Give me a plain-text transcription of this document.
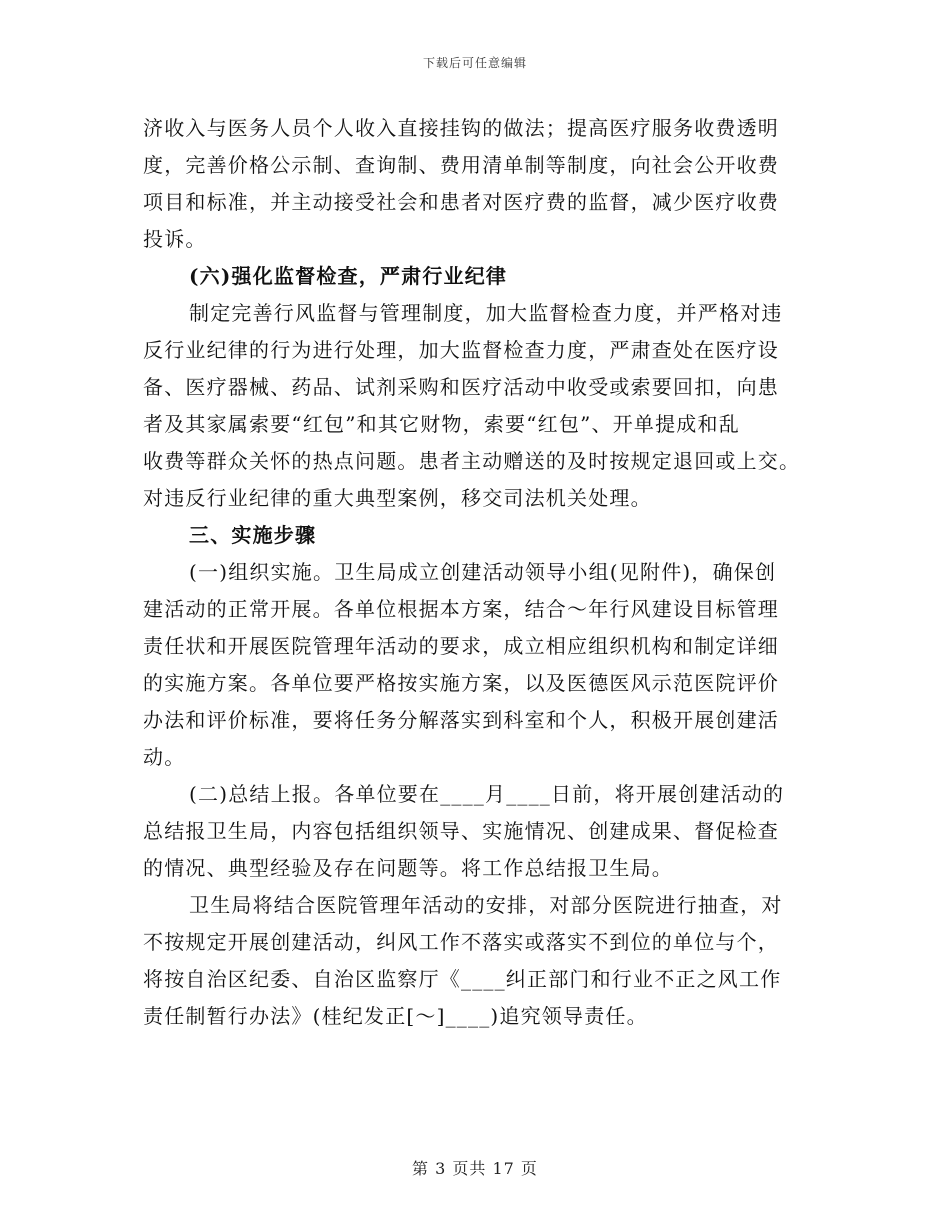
下载后可任意编辑
济收入与医务人员个人收入直接挂钩的做法；提高医疗服务收费透明
度，完善价格公示制、查询制、费用清单制等制度，向社会公开收费
项目和标准，并主动接受社会和患者对医疗费的监督，减少医疗收费
投诉。
(六)强化监督检查，严肃行业纪律
制定完善行风监督与管理制度，加大监督检查力度，并严格对违
反行业纪律的行为进行处理，加大监督检查力度，严肃查处在医疗设
备、医疗器械、药品、试剂采购和医疗活动中收受或索要回扣，向患
者及其家属索要“红包”和其它财物，索要“红包”、开单提成和乱
收费等群众关怀的热点问题。患者主动赠送的及时按规定退回或上交。
对违反行业纪律的重大典型案例，移交司法机关处理。
三、实施步骤
(一)组织实施。卫生局成立创建活动领导小组(见附件)，确保创
建活动的正常开展。各单位根据本方案，结合～年行风建设目标管理
责任状和开展医院管理年活动的要求，成立相应组织机构和制定详细
的实施方案。各单位要严格按实施方案，以及医德医风示范医院评价
办法和评价标准，要将任务分解落实到科室和个人，积极开展创建活
动。
(二)总结上报。各单位要在____月____日前，将开展创建活动的
总结报卫生局，内容包括组织领导、实施情况、创建成果、督促检查
的情况、典型经验及存在问题等。将工作总结报卫生局。
卫生局将结合医院管理年活动的安排，对部分医院进行抽查，对
不按规定开展创建活动，纠风工作不落实或落实不到位的单位与个，
将按自治区纪委、自治区监察厅《____纠正部门和行业不正之风工作
责任制暂行办法》(桂纪发正[～]____)追究领导责任。
第 3 页共 17 页
